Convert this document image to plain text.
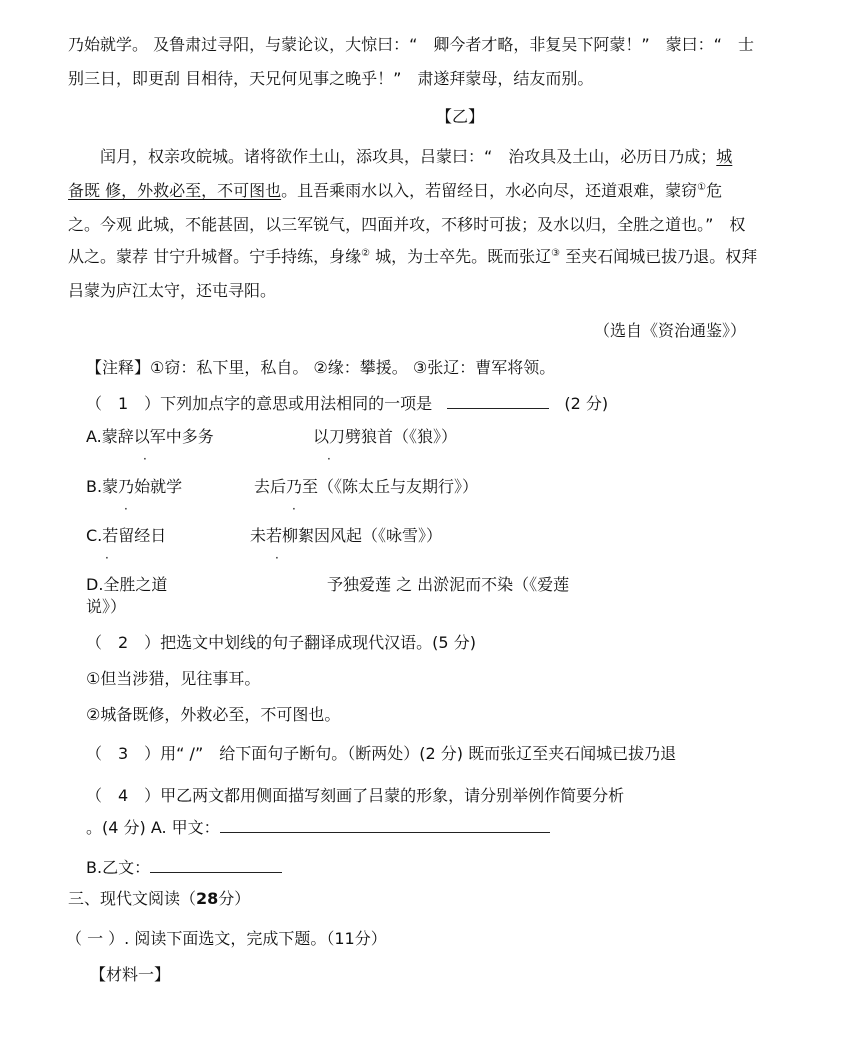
乃始就学。 及鲁肃过寻阳，与蒙论议，大惊曰：“　卿今者才略，非复吴下阿蒙！”　蒙曰：“　士
别三日，即更刮 目相待，天兄何见事之晚乎！”　肃遂拜蒙母，结友而别。
【乙】
闰月，权亲攻皖城。诸将欲作土山，添攻具，吕蒙曰：“　治攻具及土山，必历日乃成；城
备既 修，外救必至，不可图也。且吾乘雨水以入，若留经日，水必向尽，还道艰难，蒙窃①危
之。今观 此城，不能甚固，以三军锐气，四面并攻，不移时可拔；及水以归，全胜之道也。”　权
从之。蒙荐 甘宁升城督。宁手持练，身缘② 城，为士卒先。既而张辽③ 至夹石闻城已拔乃退。权拜
吕蒙为庐江太守，还屯寻阳。
（选自《资治通鉴》）
【注释】①窃：私下里，私自。 ②缘：攀援。 ③张辽：曹军将领。
（　1　）下列加点字的意思或用法相同的一项是	(2 分)
A.蒙辞以军中多务	以刀劈狼首（《狼》）
·	·
B.蒙乃始就学	去后乃至（《陈太丘与友期行》）
·	·
C.若留经日	未若柳絮因风起（《咏雪》）
·	·
D.全胜之道	予独爱莲 之 出淤泥而不染（《爱莲
说》）
（　2　）把选文中划线的句子翻译成现代汉语。(5 分)
①但当涉猎，见往事耳。
②城备既修，外救必至，不可图也。
（　3　）用“ /”　给下面句子断句。（断两处）(2 分) 既而张辽至夹石闻城已拔乃退
（　4　）甲乙两文都用侧面描写刻画了吕蒙的形象，请分别举例作简要分析
。(4 分) A. 甲文：
B.乙文：
三、现代文阅读（28分）
（ 一 ）. 阅读下面选文，完成下题。（11分）
【材料一】
